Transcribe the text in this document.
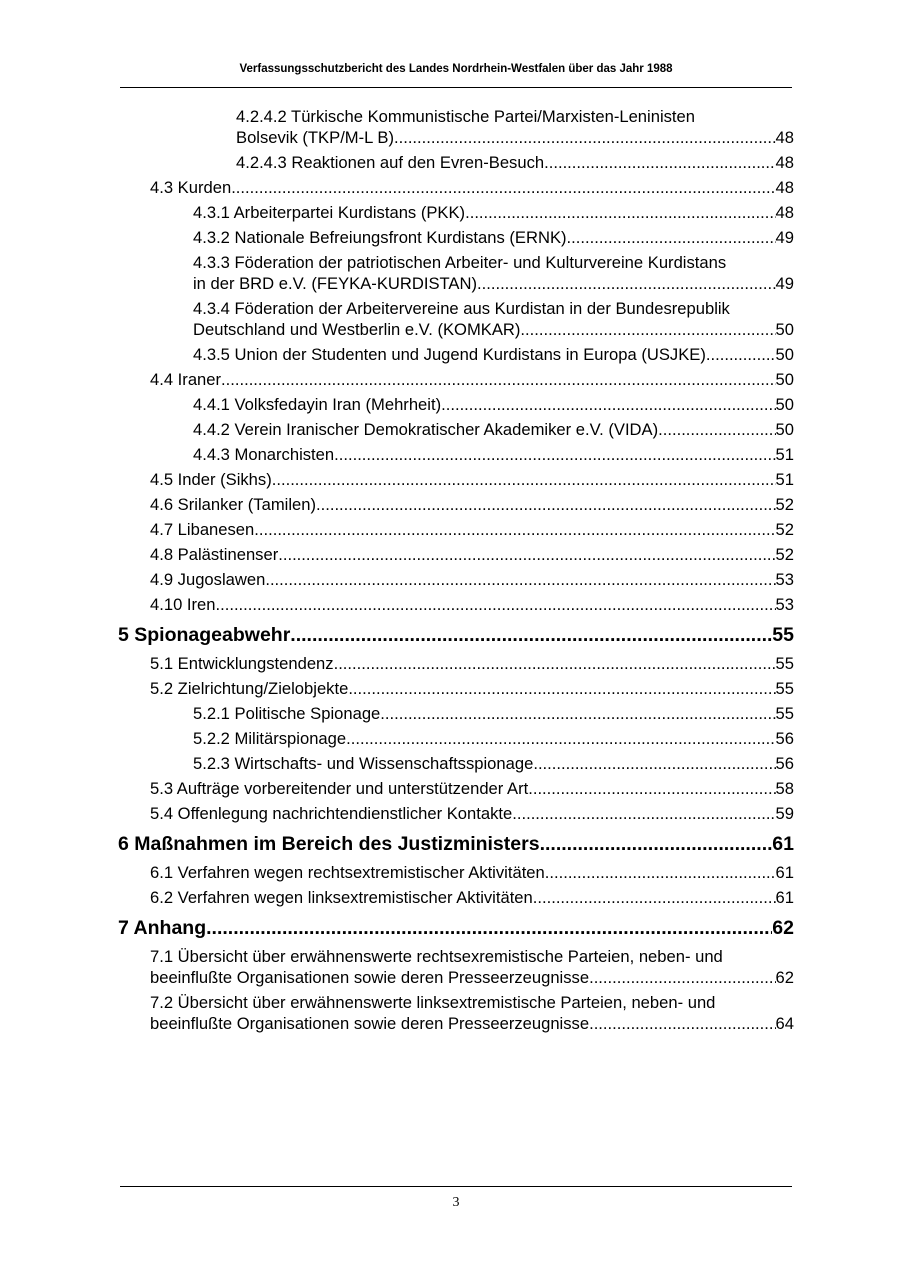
Verfassungsschutzbericht des Landes Nordrhein-Westfalen über das Jahr 1988
4.2.4.2 Türkische Kommunistische Partei/Marxisten-Leninisten
Bolsevik (TKP/M-L B) .....	48
4.2.4.3 Reaktionen auf den Evren-Besuch .....	48
4.3 Kurden .....	48
4.3.1 Arbeiterpartei Kurdistans (PKK) .....	48
4.3.2 Nationale Befreiungsfront Kurdistans (ERNK) .....	49
4.3.3 Föderation der patriotischen Arbeiter- und Kulturvereine Kurdistans
in der BRD e.V. (FEYKA-KURDISTAN) .....	49
4.3.4 Föderation der Arbeitervereine aus Kurdistan in der Bundesrepublik
Deutschland und Westberlin e.V. (KOMKAR) .....	50
4.3.5 Union der Studenten und Jugend Kurdistans in Europa (USJKE) .....	50
4.4 Iraner .....	50
4.4.1 Volksfedayin Iran (Mehrheit) .....	50
4.4.2 Verein Iranischer Demokratischer Akademiker e.V. (VIDA) .....	50
4.4.3 Monarchisten .....	51
4.5 Inder (Sikhs) .....	51
4.6 Srilanker (Tamilen) .....	52
4.7 Libanesen .....	52
4.8 Palästinenser .....	52
4.9 Jugoslawen .....	53
4.10 Iren .....	53
5 Spionageabwehr .....	55
5.1 Entwicklungstendenz .....	55
5.2 Zielrichtung/Zielobjekte .....	55
5.2.1 Politische Spionage .....	55
5.2.2 Militärspionage .....	56
5.2.3 Wirtschafts- und Wissenschaftsspionage .....	56
5.3 Aufträge vorbereitender und unterstützender Art .....	58
5.4 Offenlegung nachrichtendienstlicher Kontakte .....	59
6 Maßnahmen im Bereich des Justizministers .....	61
6.1 Verfahren wegen rechtsextremistischer Aktivitäten .....	61
6.2 Verfahren wegen linksextremistischer Aktivitäten .....	61
7 Anhang .....	62
7.1 Übersicht über erwähnenswerte rechtsexremistische Parteien, neben- und
beeinflußte Organisationen sowie deren Presseerzeugnisse .....	62
7.2 Übersicht über erwähnenswerte linksextremistische Parteien, neben- und
beeinflußte Organisationen sowie deren Presseerzeugnisse .....	64
3
